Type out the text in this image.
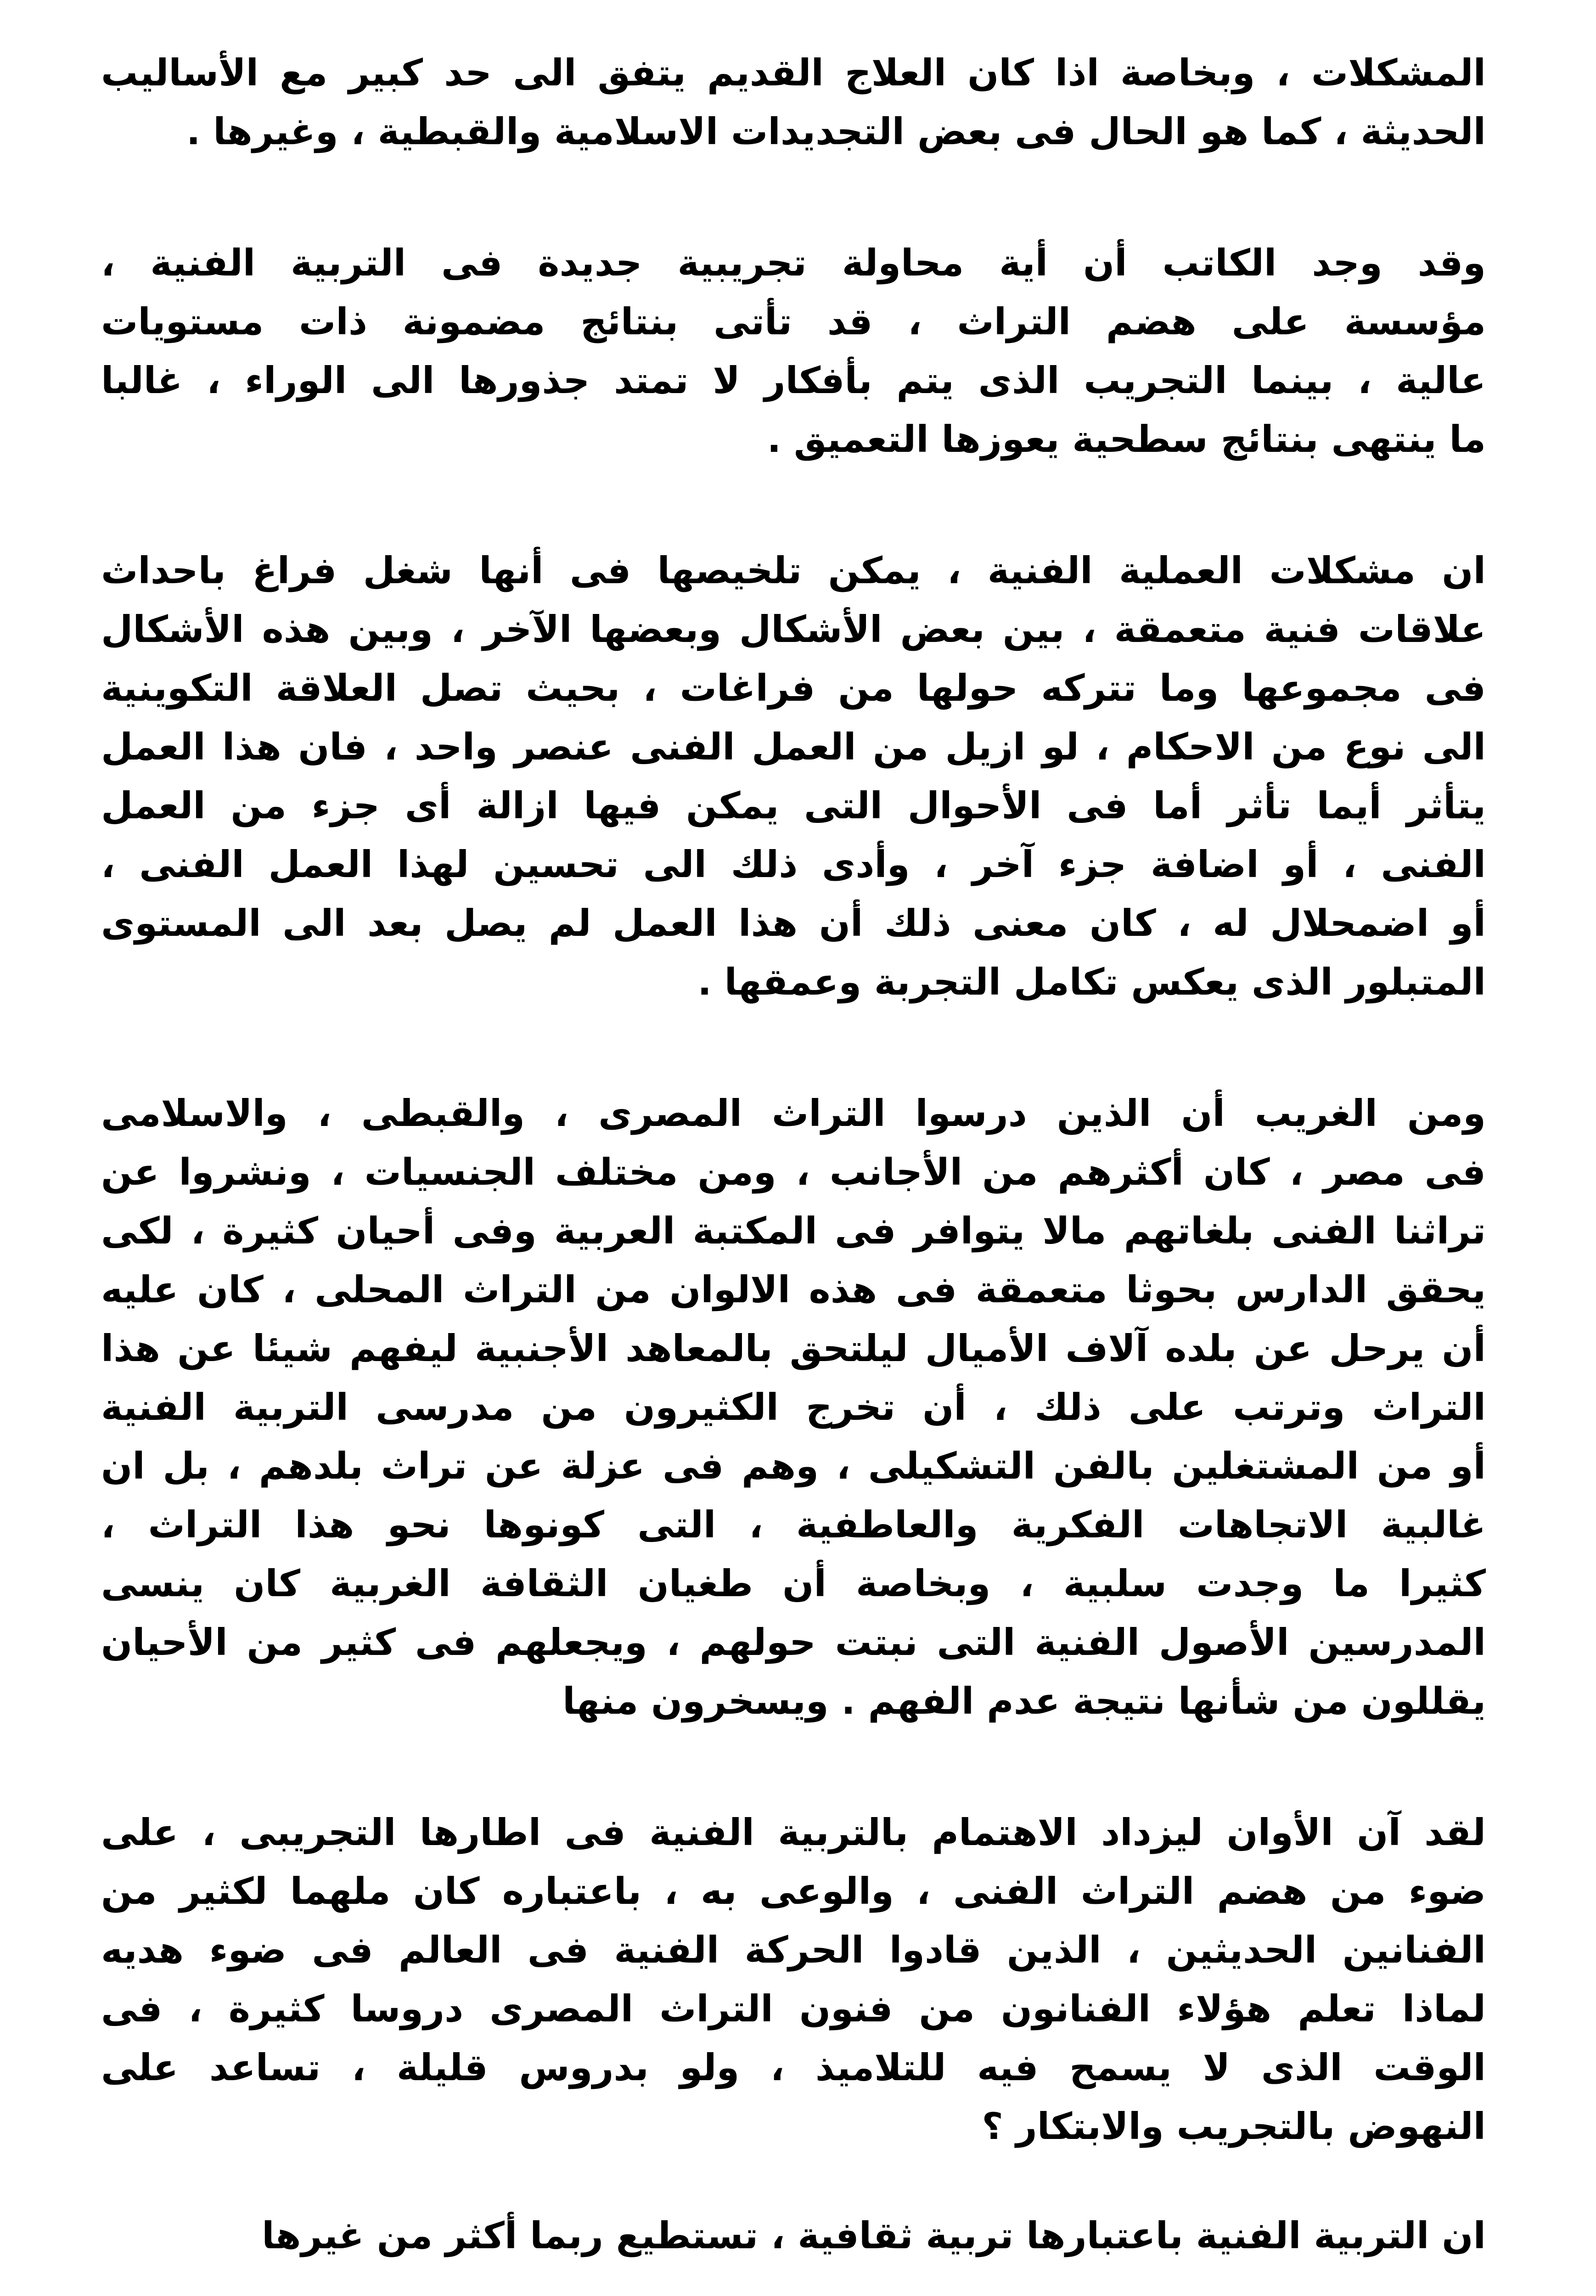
المشكلات ، وبخاصة اذا كان العلاج القديم يتفق الى حد كبير مع الأساليب
الحديثة ، كما هو الحال فى بعض التجديدات الاسلامية والقبطية ، وغيرها .
وقد وجد الكاتب أن أية محاولة تجريبية جديدة فى التربية الفنية ،
مؤسسة على هضم التراث ، قد تأتى بنتائج مضمونة ذات مستويات
عالية ، بينما التجريب الذى يتم بأفكار لا تمتد جذورها الى الوراء ، غالبا
ما ينتهى بنتائج سطحية يعوزها التعميق .
ان مشكلات العملية الفنية ، يمكن تلخيصها فى أنها شغل فراغ باحداث
علاقات فنية متعمقة ، بين بعض الأشكال وبعضها الآخر ، وبين هذه الأشكال
فى مجموعها وما تتركه حولها من فراغات ، بحيث تصل العلاقة التكوينية
الى نوع من الاحكام ، لو ازيل من العمل الفنى عنصر واحد ، فان هذا العمل
يتأثر أيما تأثر أما فى الأحوال التى يمكن فيها ازالة أى جزء من العمل
الفنى ، أو اضافة جزء آخر ، وأدى ذلك الى تحسين لهذا العمل الفنى ،
أو اضمحلال له ، كان معنى ذلك أن هذا العمل لم يصل بعد الى المستوى
المتبلور الذى يعكس تكامل التجربة وعمقها .
ومن الغريب أن الذين درسوا التراث المصرى ، والقبطى ، والاسلامى
فى مصر ، كان أكثرهم من الأجانب ، ومن مختلف الجنسيات ، ونشروا عن
تراثنا الفنى بلغاتهم مالا يتوافر فى المكتبة العربية وفى أحيان كثيرة ، لكى
يحقق الدارس بحوثا متعمقة فى هذه الالوان من التراث المحلى ، كان عليه
أن يرحل عن بلده آلاف الأميال ليلتحق بالمعاهد الأجنبية ليفهم شيئا عن هذا
التراث وترتب على ذلك ، أن تخرج الكثيرون من مدرسى التربية الفنية
أو من المشتغلين بالفن التشكيلى ، وهم فى عزلة عن تراث بلدهم ، بل ان
غالبية الاتجاهات الفكرية والعاطفية ، التى كونوها نحو هذا التراث ،
كثيرا ما وجدت سلبية ، وبخاصة أن طغيان الثقافة الغربية كان ينسى
المدرسين الأصول الفنية التى نبتت حولهم ، ويجعلهم فى كثير من الأحيان
يقللون من شأنها نتيجة عدم الفهم . ويسخرون منها
لقد آن الأوان ليزداد الاهتمام بالتربية الفنية فى اطارها التجريبى ، على
ضوء من هضم التراث الفنى ، والوعى به ، باعتباره كان ملهما لكثير من
الفنانين الحديثين ، الذين قادوا الحركة الفنية فى العالم فى ضوء هديه
لماذا تعلم هؤلاء الفنانون من فنون التراث المصرى دروسا كثيرة ، فى
الوقت الذى لا يسمح فيه للتلاميذ ، ولو بدروس قليلة ، تساعد على
النهوض بالتجريب والابتكار ؟
ان التربية الفنية باعتبارها تربية ثقافية ، تستطيع ربما أكثر من غيرها
